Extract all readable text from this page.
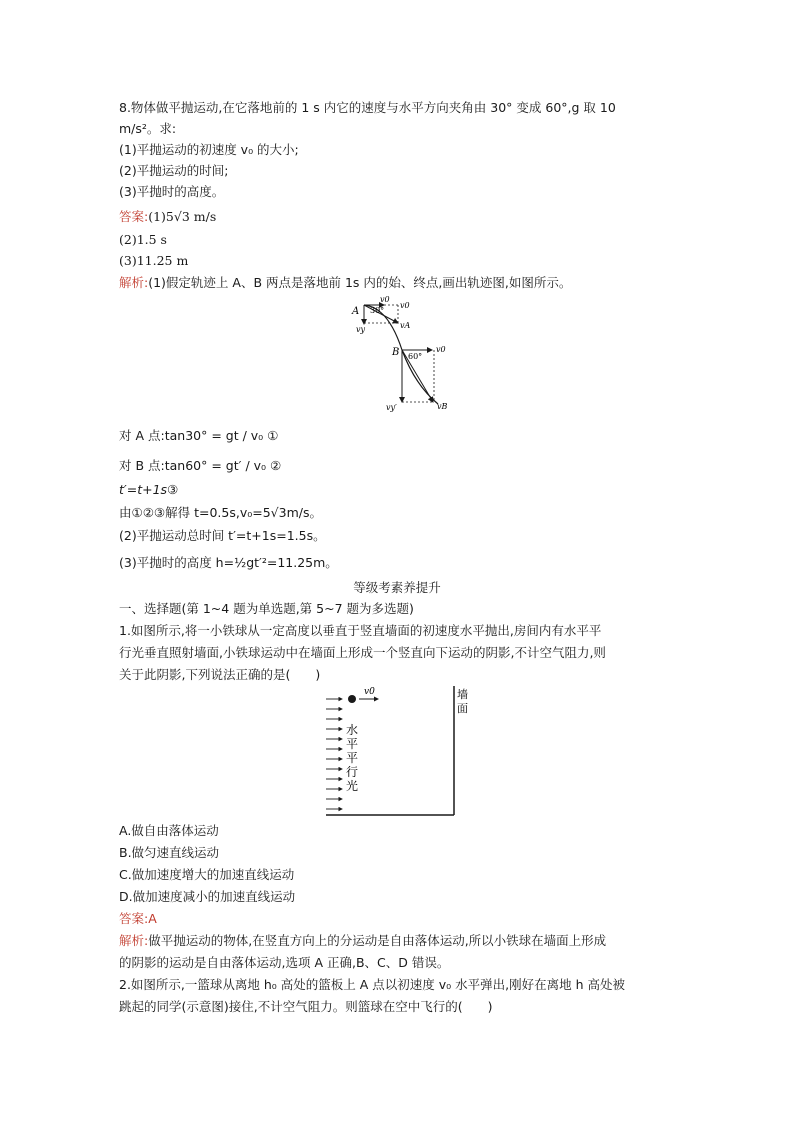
8.物体做平抛运动,在它落地前的 1 s 内它的速度与水平方向夹角由 30° 变成 60°,g 取 10
m/s²。求:
(1)平抛运动的初速度 v₀ 的大小;
(2)平抛运动的时间;
(3)平抛时的高度。
答案:(1)5√3 m/s
(2)1.5 s
(3)11.25 m
解析:(1)假定轨迹上 A、B 两点是落地前 1s 内的始、终点,画出轨迹图,如图所示。
A 30°
v0
v0
vA
vy
B 60°
v0
vy′	vB
对 A 点:tan30° = gt / v₀ ①
对 B 点:tan60° = gt′ / v₀ ②
t′=t+1s③
由①②③解得 t=0.5s,v₀=5√3m/s。
(2)平抛运动总时间 t′=t+1s=1.5s。
(3)平抛时的高度 h=½gt′²=11.25m。
等级考素养提升
一、选择题(第 1~4 题为单选题,第 5~7 题为多选题)
1.如图所示,将一小铁球从一定高度以垂直于竖直墙面的初速度水平抛出,房间内有水平平
行光垂直照射墙面,小铁球运动中在墙面上形成一个竖直向下运动的阴影,不计空气阻力,则
关于此阴影,下列说法正确的是(　　)
v0
水
平
平
行
光
墙
面
A.做自由落体运动
B.做匀速直线运动
C.做加速度增大的加速直线运动
D.做加速度减小的加速直线运动
答案:A
解析:做平抛运动的物体,在竖直方向上的分运动是自由落体运动,所以小铁球在墙面上形成
的阴影的运动是自由落体运动,选项 A 正确,B、C、D 错误。
2.如图所示,一篮球从离地 h₀ 高处的篮板上 A 点以初速度 v₀ 水平弹出,刚好在离地 h 高处被
跳起的同学(示意图)接住,不计空气阻力。则篮球在空中飞行的(　　)
